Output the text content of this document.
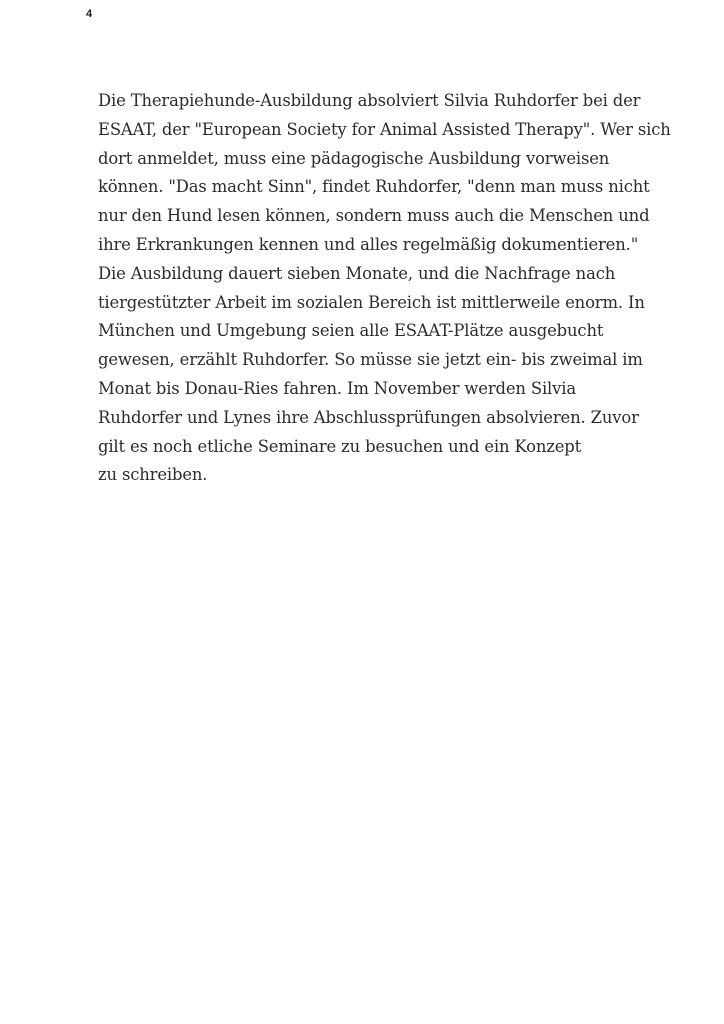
4
Die Therapiehunde-Ausbildung absolviert Silvia Ruhdorfer bei der
ESAAT, der "European Society for Animal Assisted Therapy". Wer sich
dort anmeldet, muss eine pädagogische Ausbildung vorweisen
können. "Das macht Sinn", findet Ruhdorfer, "denn man muss nicht
nur den Hund lesen können, sondern muss auch die Menschen und
ihre Erkrankungen kennen und alles regelmäßig dokumentieren."
Die Ausbildung dauert sieben Monate, und die Nachfrage nach
tiergestützter Arbeit im sozialen Bereich ist mittlerweile enorm. In
München und Umgebung seien alle ESAAT-Plätze ausgebucht
gewesen, erzählt Ruhdorfer. So müsse sie jetzt ein- bis zweimal im
Monat bis Donau-Ries fahren. Im November werden Silvia
Ruhdorfer und Lynes ihre Abschlussprüfungen absolvieren. Zuvor
gilt es noch etliche Seminare zu besuchen und ein Konzept
zu schreiben.
